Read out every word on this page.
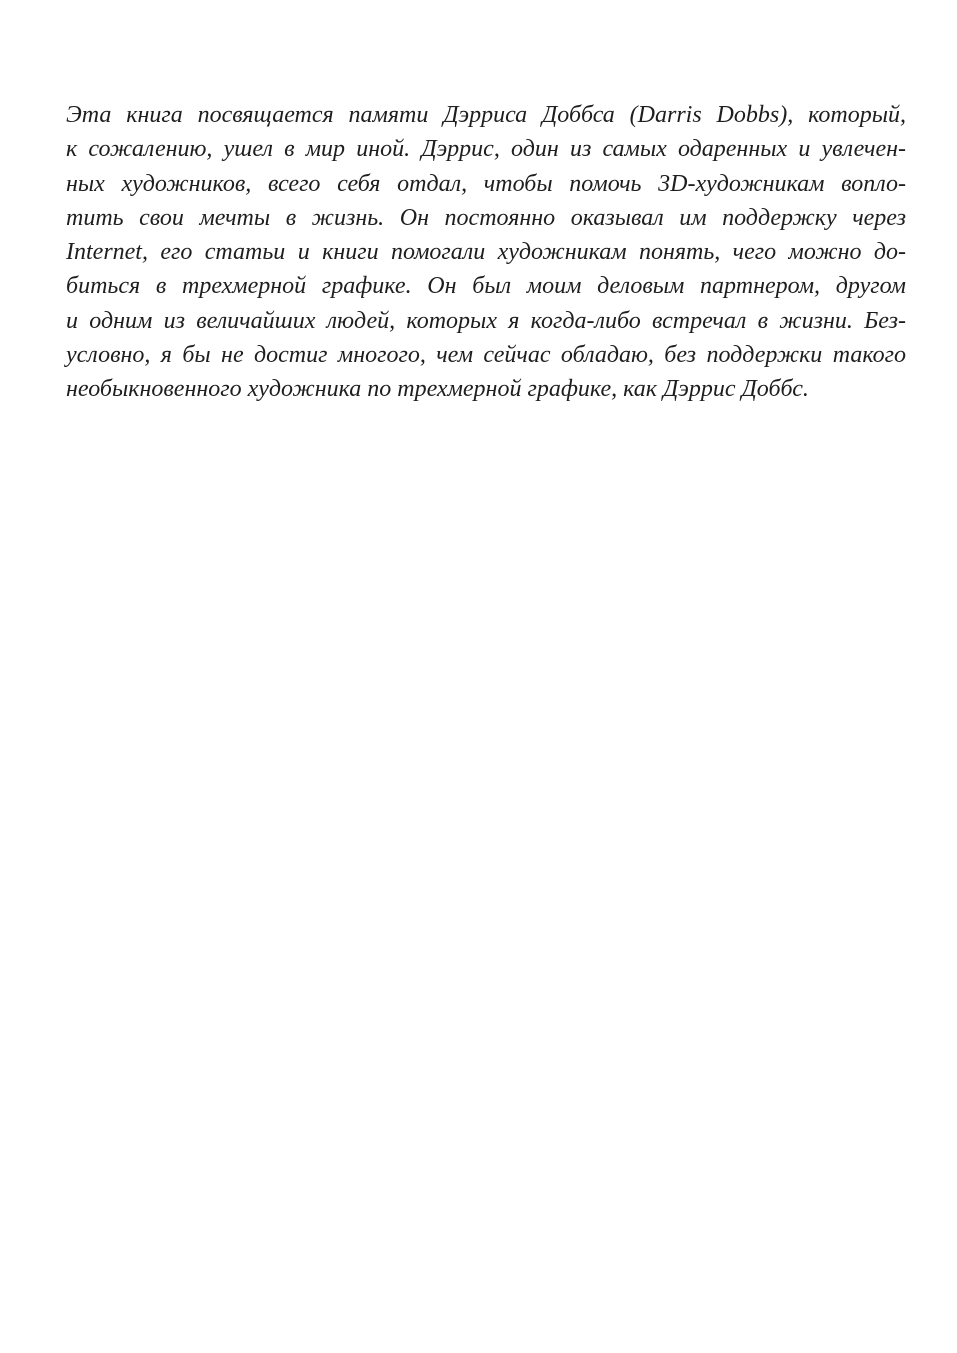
Эта книга посвящается памяти Дэрриса Доббса (Darris Dobbs), который,
к сожалению, ушел в мир иной. Дэррис, один из самых одаренных и увлечен-
ных художников, всего себя отдал, чтобы помочь 3D-художникам вопло-
тить свои мечты в жизнь. Он постоянно оказывал им поддержку через
Internet, его статьи и книги помогали художникам понять, чего можно до-
биться в трехмерной графике. Он был моим деловым партнером, другом
и одним из величайших людей, которых я когда-либо встречал в жизни. Без-
условно, я бы не достиг многого, чем сейчас обладаю, без поддержки такого
необыкновенного художника по трехмерной графике, как Дэррис Доббс.
